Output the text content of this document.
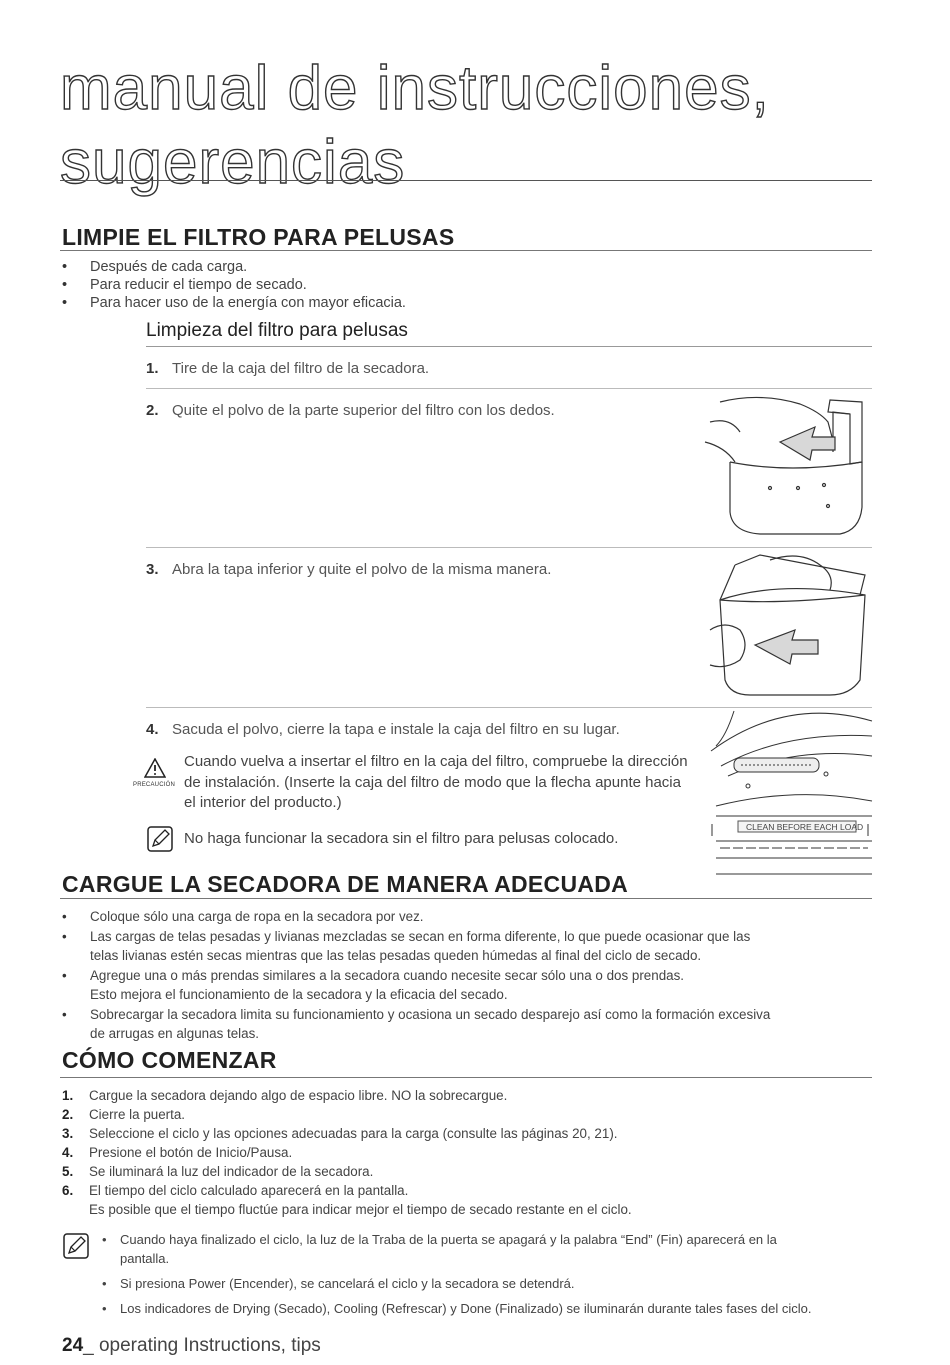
manual de instrucciones,
sugerencias
LIMPIE EL FILTRO PARA PELUSAS
• Después de cada carga.
• Para reducir el tiempo de secado.
• Para hacer uso de la energía con mayor eficacia.
Limpieza del filtro para pelusas
1. Tire de la caja del filtro de la secadora.
2. Quite el polvo de la parte superior del filtro con los dedos.
3. Abra la tapa inferior y quite el polvo de la misma manera.
4. Sacuda el polvo, cierre la tapa e instale la caja del filtro en su lugar.
PRECAUCIÓN
Cuando vuelva a insertar el filtro en la caja del filtro, compruebe la dirección
de instalación. (Inserte la caja del filtro de modo que la flecha apunte hacia
el interior del producto.)
No haga funcionar la secadora sin el filtro para pelusas colocado.
CLEAN BEFORE EACH LOAD
CARGUE LA SECADORA DE MANERA ADECUADA
• Coloque sólo una carga de ropa en la secadora por vez.
• Las cargas de telas pesadas y livianas mezcladas se secan en forma diferente, lo que puede ocasionar que las
telas livianas estén secas mientras que las telas pesadas queden húmedas al final del ciclo de secado.
• Agregue una o más prendas similares a la secadora cuando necesite secar sólo una o dos prendas.
Esto mejora el funcionamiento de la secadora y la eficacia del secado.
• Sobrecargar la secadora limita su funcionamiento y ocasiona un secado desparejo así como la formación excesiva
de arrugas en algunas telas.
CÓMO COMENZAR
1. Cargue la secadora dejando algo de espacio libre. NO la sobrecargue.
2. Cierre la puerta.
3. Seleccione el ciclo y las opciones adecuadas para la carga (consulte las páginas 20, 21).
4. Presione el botón de Inicio/Pausa.
5. Se iluminará la luz del indicador de la secadora.
6. El tiempo del ciclo calculado aparecerá en la pantalla.
Es posible que el tiempo fluctúe para indicar mejor el tiempo de secado restante en el ciclo.
• Cuando haya finalizado el ciclo, la luz de la Traba de la puerta se apagará y la palabra “End” (Fin) aparecerá en la
pantalla.
• Si presiona Power (Encender), se cancelará el ciclo y la secadora se detendrá.
• Los indicadores de Drying (Secado), Cooling (Refrescar) y Done (Finalizado) se iluminarán durante tales fases del ciclo.
24_ operating Instructions, tips
